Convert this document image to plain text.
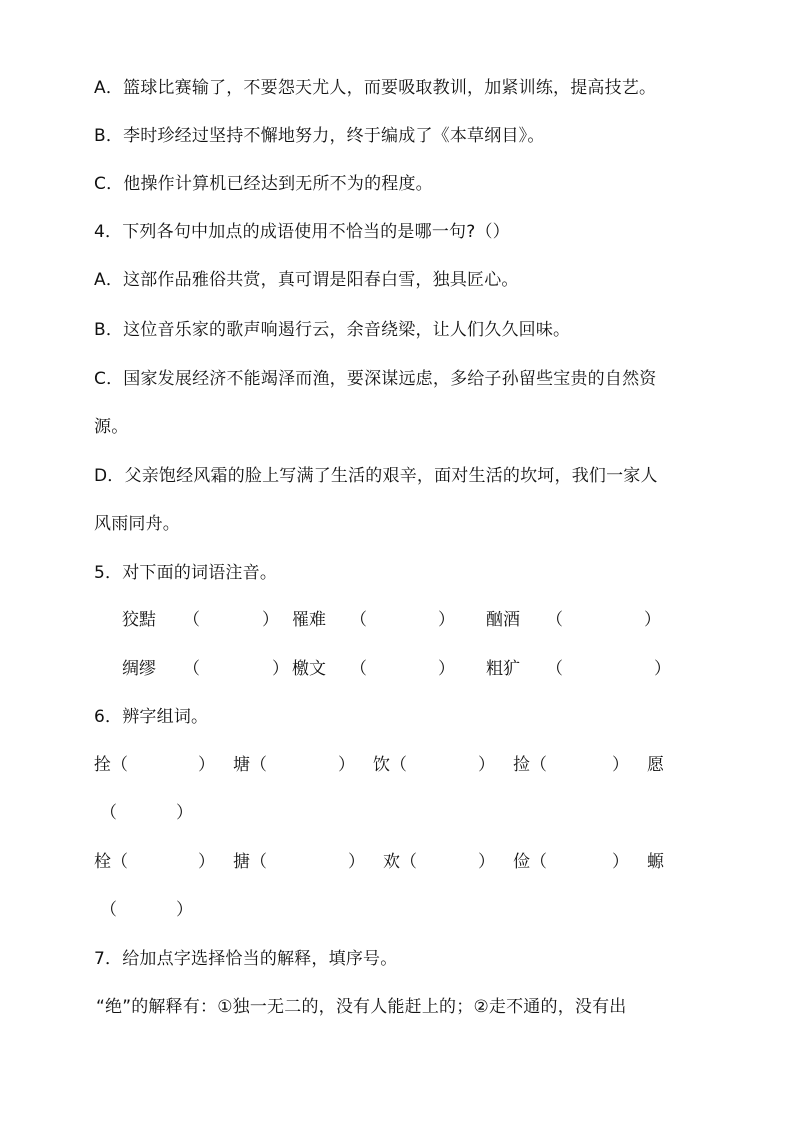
A．篮球比赛输了，不要怨天尤人，而要吸取教训，加紧训练，提高技艺。
B．李时珍经过坚持不懈地努力，终于编成了《本草纲目》。
C．他操作计算机已经达到无所不为的程度。
4．下列各句中加点的成语使用不恰当的是哪一句?（）
A．这部作品雅俗共赏，真可谓是阳春白雪，独具匠心。
B．这位音乐家的歌声响遏行云，余音绕梁，让人们久久回味。
C．国家发展经济不能竭泽而渔，要深谋远虑，多给子孙留些宝贵的自然资
源。
D．父亲饱经风霜的脸上写满了生活的艰辛，面对生活的坎坷，我们一家人
风雨同舟。
5．对下面的词语注音。
狡黠 （	） 罹难 （	） 酗酒 （	）
绸缪 （	） 檄文 （	） 粗犷 （	）
6．辨字组词。
拴（	） 塘（	） 饮（	） 捡（	） 愿
（	）
栓（	） 搪（	） 欢（	） 俭（	） 螈
（	）
7．给加点字选择恰当的解释，填序号。
“绝”的解释有：①独一无二的，没有人能赶上的；②走不通的，没有出
